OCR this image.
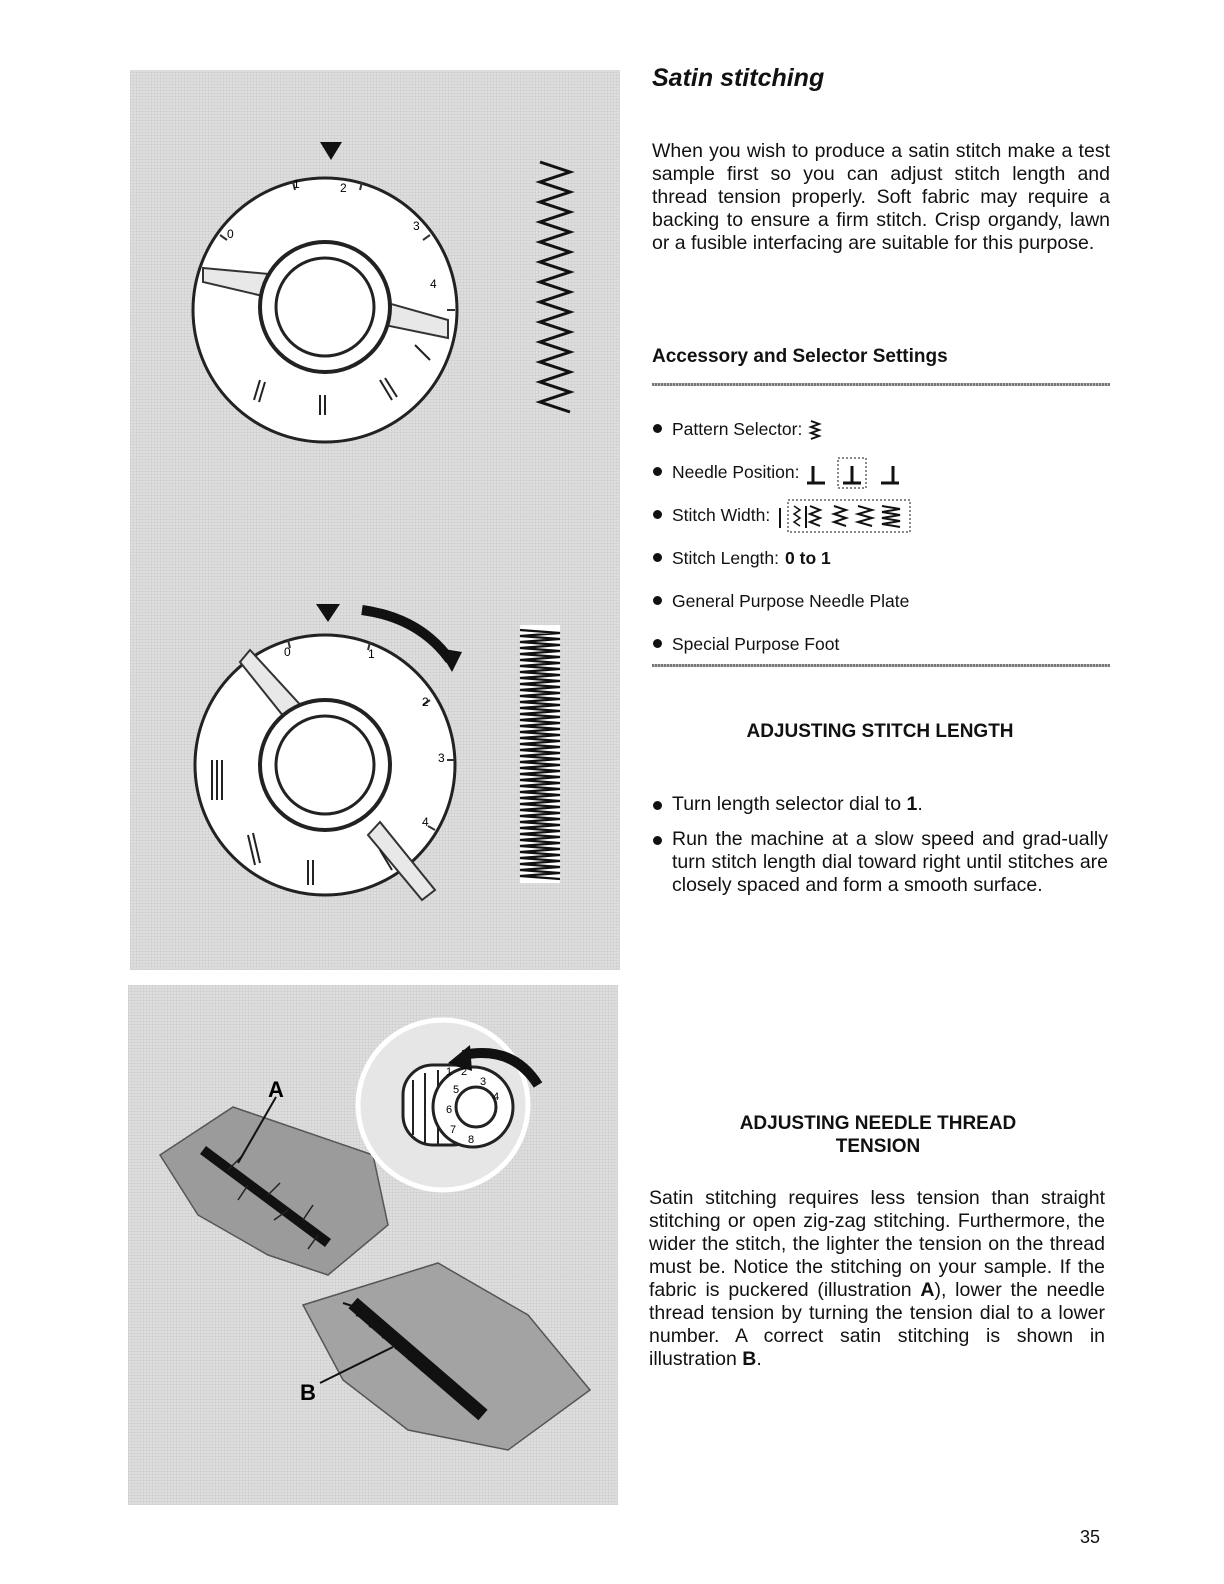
1	2
3
0
4
0	1
2
3
4
A
B
2
3
4
5
6
7
8
1
Satin stitching

When you wish to produce a satin stitch make a test sample first so you can adjust stitch length and thread tension properly. Soft fabric may require a backing to ensure a firm stitch. Crisp organdy, lawn or a fusible interfacing are suitable for this purpose.

Accessory and Selector Settings
Pattern Selector:
Needle Position:
Stitch Width:
Stitch Length: 0 to 1
General Purpose Needle Plate
Special Purpose Foot
ADJUSTING STITCH LENGTH
Turn length selector dial to 1.
Run the machine at a slow speed and grad-ually turn stitch length dial toward right until stitches are closely spaced and form a smooth surface.
ADJUSTING NEEDLE THREAD
TENSION

Satin stitching requires less tension than straight stitching or open zig-zag stitching. Furthermore, the wider the stitch, the lighter the tension on the thread must be. Notice the stitching on your sample. If the fabric is puckered (illustration A), lower the needle thread tension by turning the tension dial to a lower number. A correct satin stitching is shown in illustration B.

35
